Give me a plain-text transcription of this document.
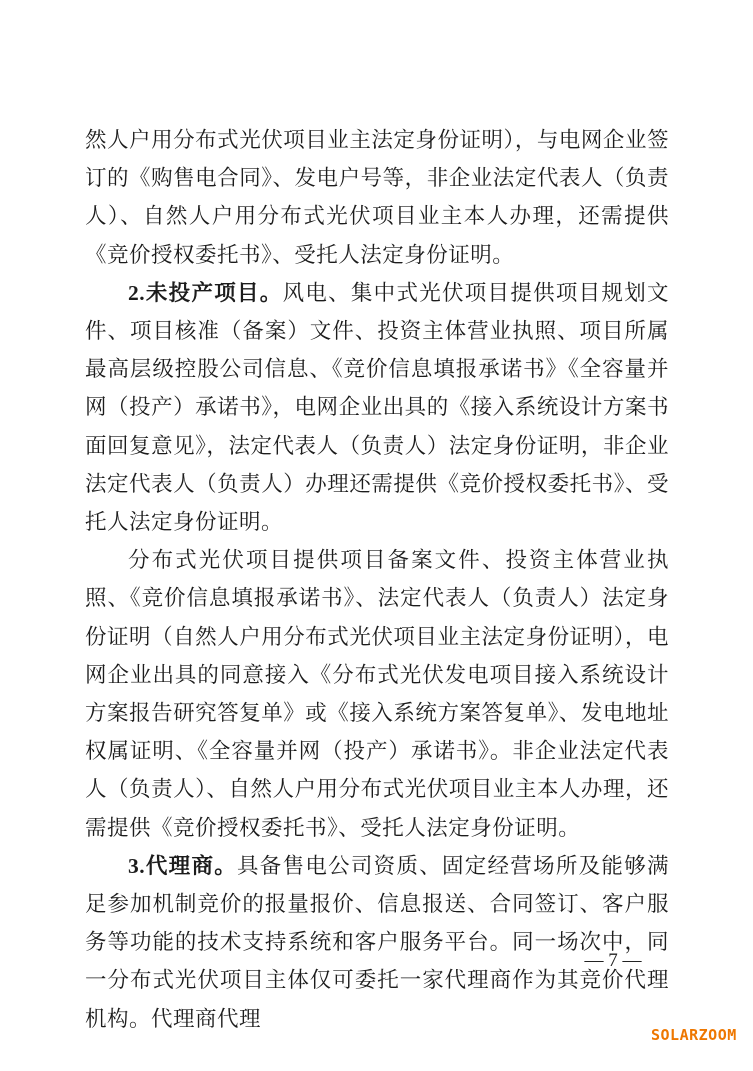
然人户用分布式光伏项目业主法定身份证明），与电网企业签订的《购售电合同》、发电户号等，非企业法定代表人（负责人）、自然人户用分布式光伏项目业主本人办理，还需提供《竞价授权委托书》、受托人法定身份证明。

2.未投产项目。风电、集中式光伏项目提供项目规划文件、项目核准（备案）文件、投资主体营业执照、项目所属最高层级控股公司信息、《竞价信息填报承诺书》《全容量并网（投产）承诺书》，电网企业出具的《接入系统设计方案书面回复意见》，法定代表人（负责人）法定身份证明，非企业法定代表人（负责人）办理还需提供《竞价授权委托书》、受托人法定身份证明。

分布式光伏项目提供项目备案文件、投资主体营业执照、《竞价信息填报承诺书》、法定代表人（负责人）法定身份证明（自然人户用分布式光伏项目业主法定身份证明），电网企业出具的同意接入《分布式光伏发电项目接入系统设计方案报告研究答复单》或《接入系统方案答复单》、发电地址权属证明、《全容量并网（投产）承诺书》。非企业法定代表人（负责人）、自然人户用分布式光伏项目业主本人办理，还需提供《竞价授权委托书》、受托人法定身份证明。

3.代理商。具备售电公司资质、固定经营场所及能够满足参加机制竞价的报量报价、信息报送、合同签订、客户服务等功能的技术支持系统和客户服务平台。同一场次中，同一分布式光伏项目主体仅可委托一家代理商作为其竞价代理机构。代理商代理

— 7 —
SOLARZOOM
